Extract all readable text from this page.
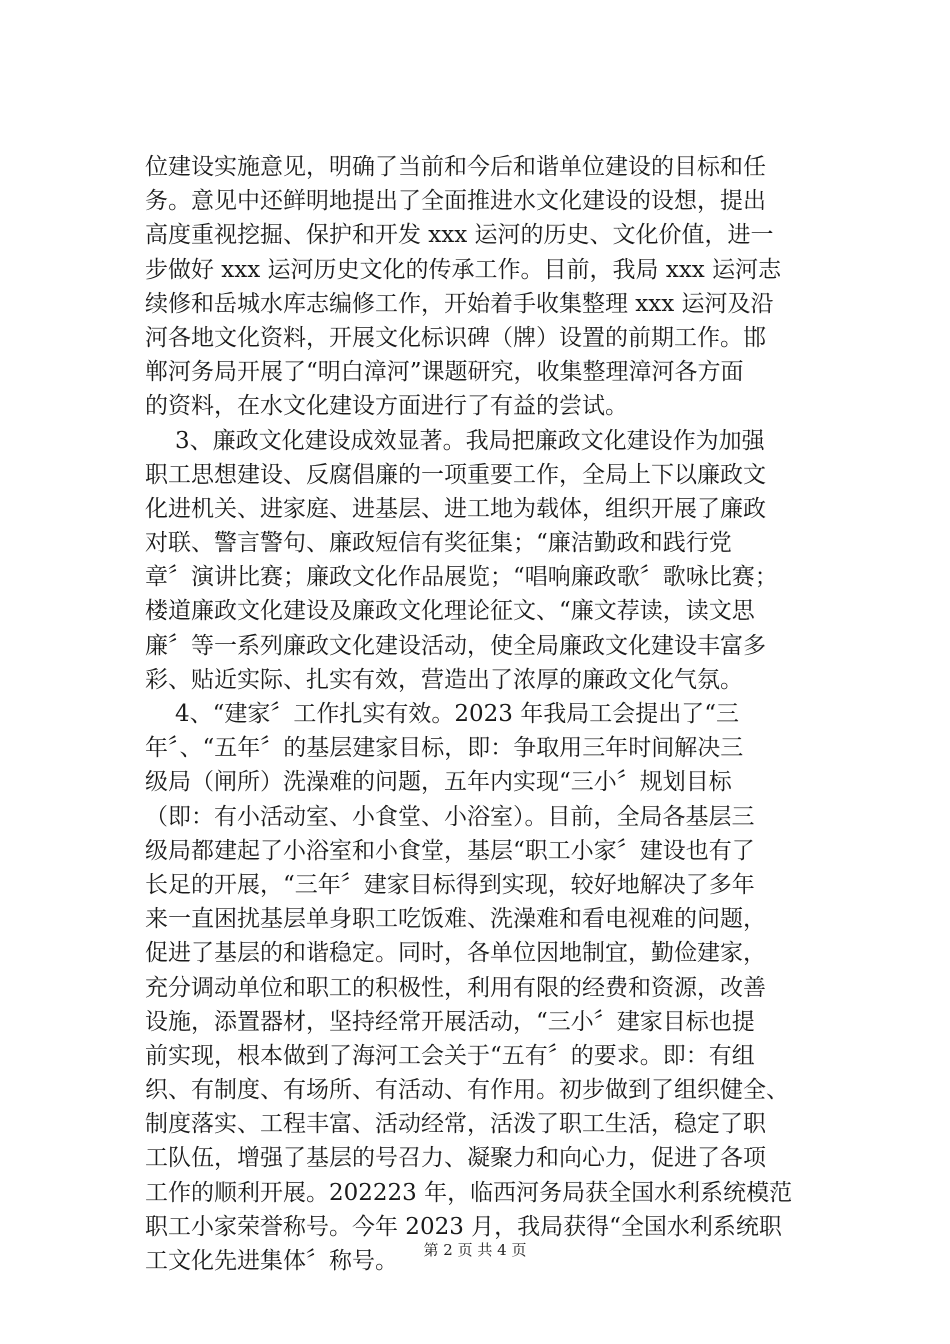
位建设实施意见，明确了当前和今后和谐单位建设的目标和任
务。意见中还鲜明地提出了全面推进水文化建设的设想，提出
高度重视挖掘、保护和开发 xxx 运河的历史、文化价值，进一
步做好 xxx 运河历史文化的传承工作。目前，我局 xxx 运河志
续修和岳城水库志编修工作，开始着手收集整理 xxx 运河及沿
河各地文化资料，开展文化标识碑（牌）设置的前期工作。邯
郸河务局开展了“明白漳河”课题研究，收集整理漳河各方面
的资料，在水文化建设方面进行了有益的尝试。
3、廉政文化建设成效显著。我局把廉政文化建设作为加强
职工思想建设、反腐倡廉的一项重要工作，全局上下以廉政文
化进机关、进家庭、进基层、进工地为载体，组织开展了廉政
对联、警言警句、廉政短信有奖征集；“廉洁勤政和践行党
章〞演讲比赛；廉政文化作品展览；“唱响廉政歌〞歌咏比赛；
楼道廉政文化建设及廉政文化理论征文、“廉文荐读，读文思
廉〞等一系列廉政文化建设活动，使全局廉政文化建设丰富多
彩、贴近实际、扎实有效，营造出了浓厚的廉政文化气氛。
4、“建家〞工作扎实有效。2023 年我局工会提出了“三
年〞、“五年〞的基层建家目标，即：争取用三年时间解决三
级局（闸所）洗澡难的问题，五年内实现“三小〞规划目标
（即：有小活动室、小食堂、小浴室）。目前，全局各基层三
级局都建起了小浴室和小食堂，基层“职工小家〞建设也有了
长足的开展，“三年〞建家目标得到实现，较好地解决了多年
来一直困扰基层单身职工吃饭难、洗澡难和看电视难的问题，
促进了基层的和谐稳定。同时，各单位因地制宜，勤俭建家，
充分调动单位和职工的积极性，利用有限的经费和资源，改善
设施，添置器材，坚持经常开展活动，“三小〞建家目标也提
前实现，根本做到了海河工会关于“五有〞的要求。即：有组
织、有制度、有场所、有活动、有作用。初步做到了组织健全、
制度落实、工程丰富、活动经常，活泼了职工生活，稳定了职
工队伍，增强了基层的号召力、凝聚力和向心力，促进了各项
工作的顺利开展。202223 年，临西河务局获全国水利系统模范
职工小家荣誉称号。今年 2023 月，我局获得“全国水利系统职
工文化先进集体〞称号。	第 2 页 共 4 页
